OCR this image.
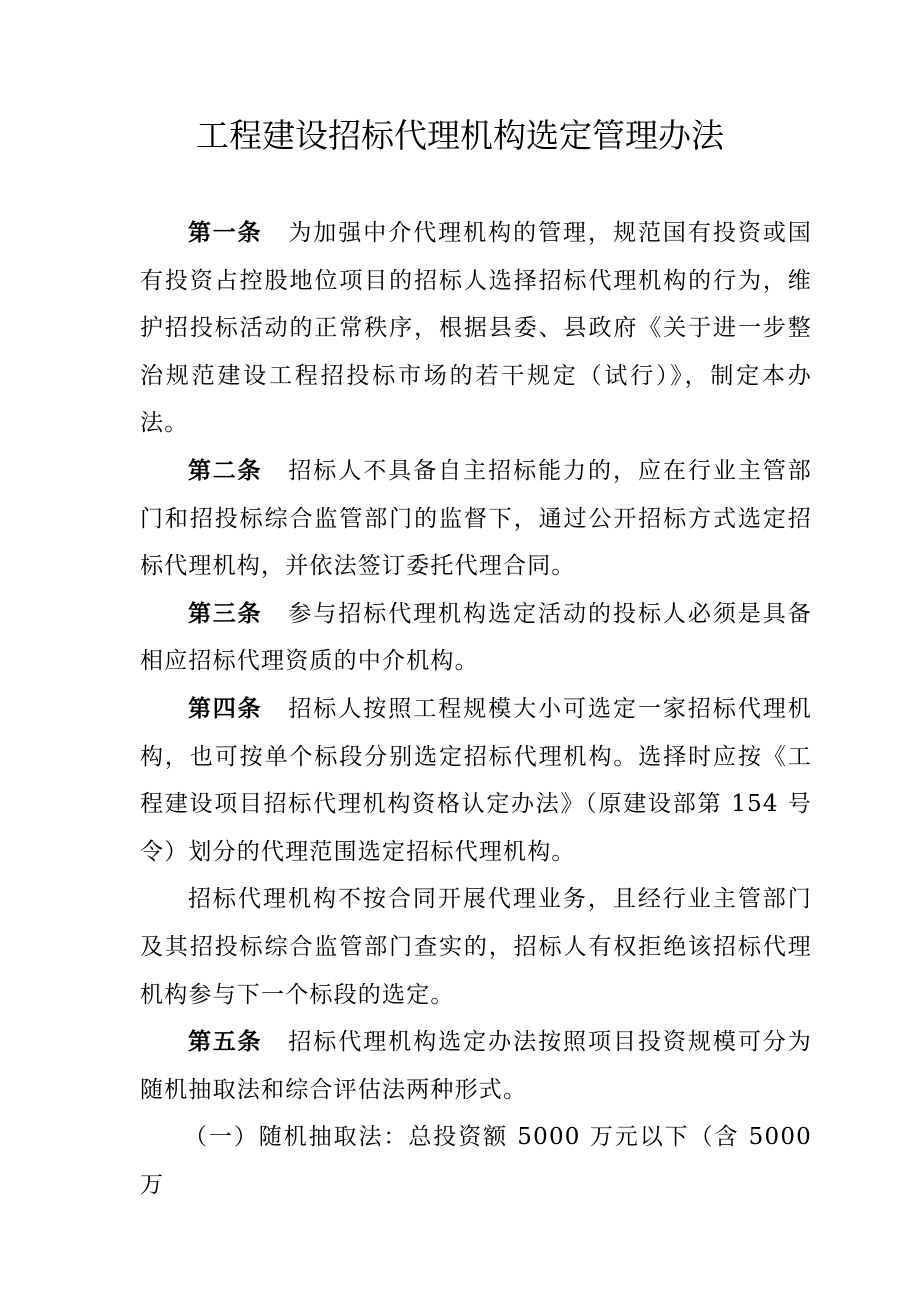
工程建设招标代理机构选定管理办法

第一条 为加强中介代理机构的管理，规范国有投资或国有投资占控股地位项目的招标人选择招标代理机构的行为，维护招投标活动的正常秩序，根据县委、县政府《关于进一步整治规范建设工程招投标市场的若干规定（试行）》，制定本办法。

第二条 招标人不具备自主招标能力的，应在行业主管部门和招投标综合监管部门的监督下，通过公开招标方式选定招标代理机构，并依法签订委托代理合同。

第三条 参与招标代理机构选定活动的投标人必须是具备相应招标代理资质的中介机构。

第四条 招标人按照工程规模大小可选定一家招标代理机构，也可按单个标段分别选定招标代理机构。选择时应按《工程建设项目招标代理机构资格认定办法》（原建设部第 154 号令）划分的代理范围选定招标代理机构。

招标代理机构不按合同开展代理业务，且经行业主管部门及其招投标综合监管部门查实的，招标人有权拒绝该招标代理机构参与下一个标段的选定。

第五条 招标代理机构选定办法按照项目投资规模可分为随机抽取法和综合评估法两种形式。

（一）随机抽取法：总投资额 5000 万元以下（含 5000 万
